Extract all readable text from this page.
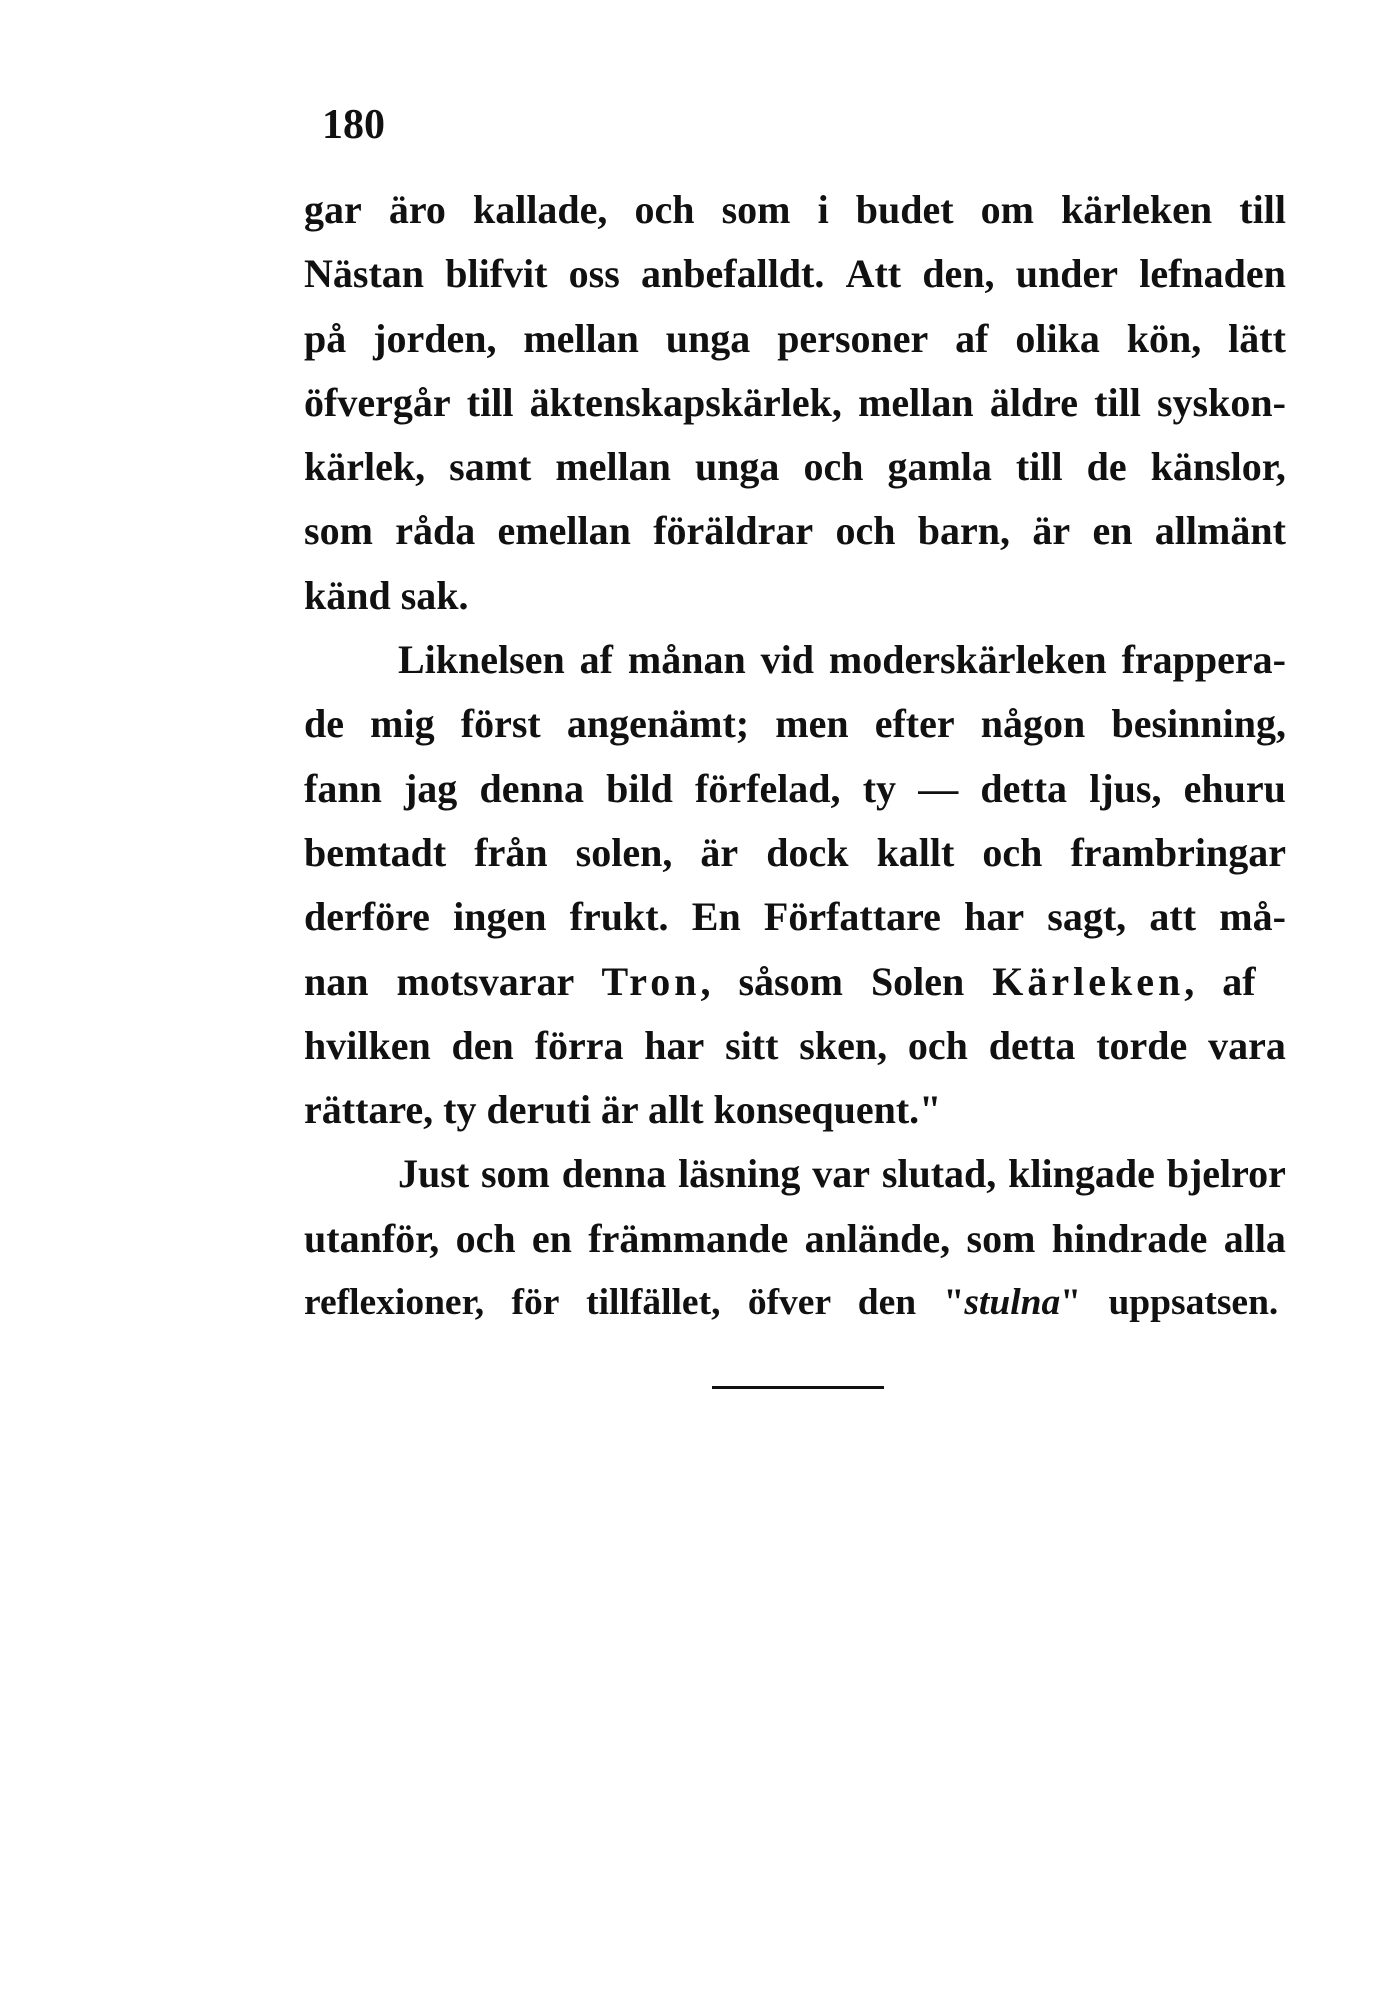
180
gar äro kallade, och som i budet om kärleken till
Nästan blifvit oss anbefalldt. Att den, under lefnaden
på jorden, mellan unga personer af olika kön, lätt
öfvergår till äktenskapskärlek, mellan äldre till syskon-
kärlek, samt mellan unga och gamla till de känslor,
som råda emellan föräldrar och barn, är en allmänt
känd sak.
Liknelsen af månan vid moderskärleken frappera-
de mig först angenämt; men efter någon besinning,
fann jag denna bild förfelad, ty — detta ljus, ehuru
bemtadt från solen, är dock kallt och frambringar
derföre ingen frukt. En Författare har sagt, att må-
nan motsvarar Tron, såsom Solen Kärleken, af
hvilken den förra har sitt sken, och detta torde vara
rättare, ty deruti är allt konsequent."
Just som denna läsning var slutad, klingade bjelror
utanför, och en främmande anlände, som hindrade alla
reflexioner, för tillfället, öfver den "stulna" uppsatsen.
